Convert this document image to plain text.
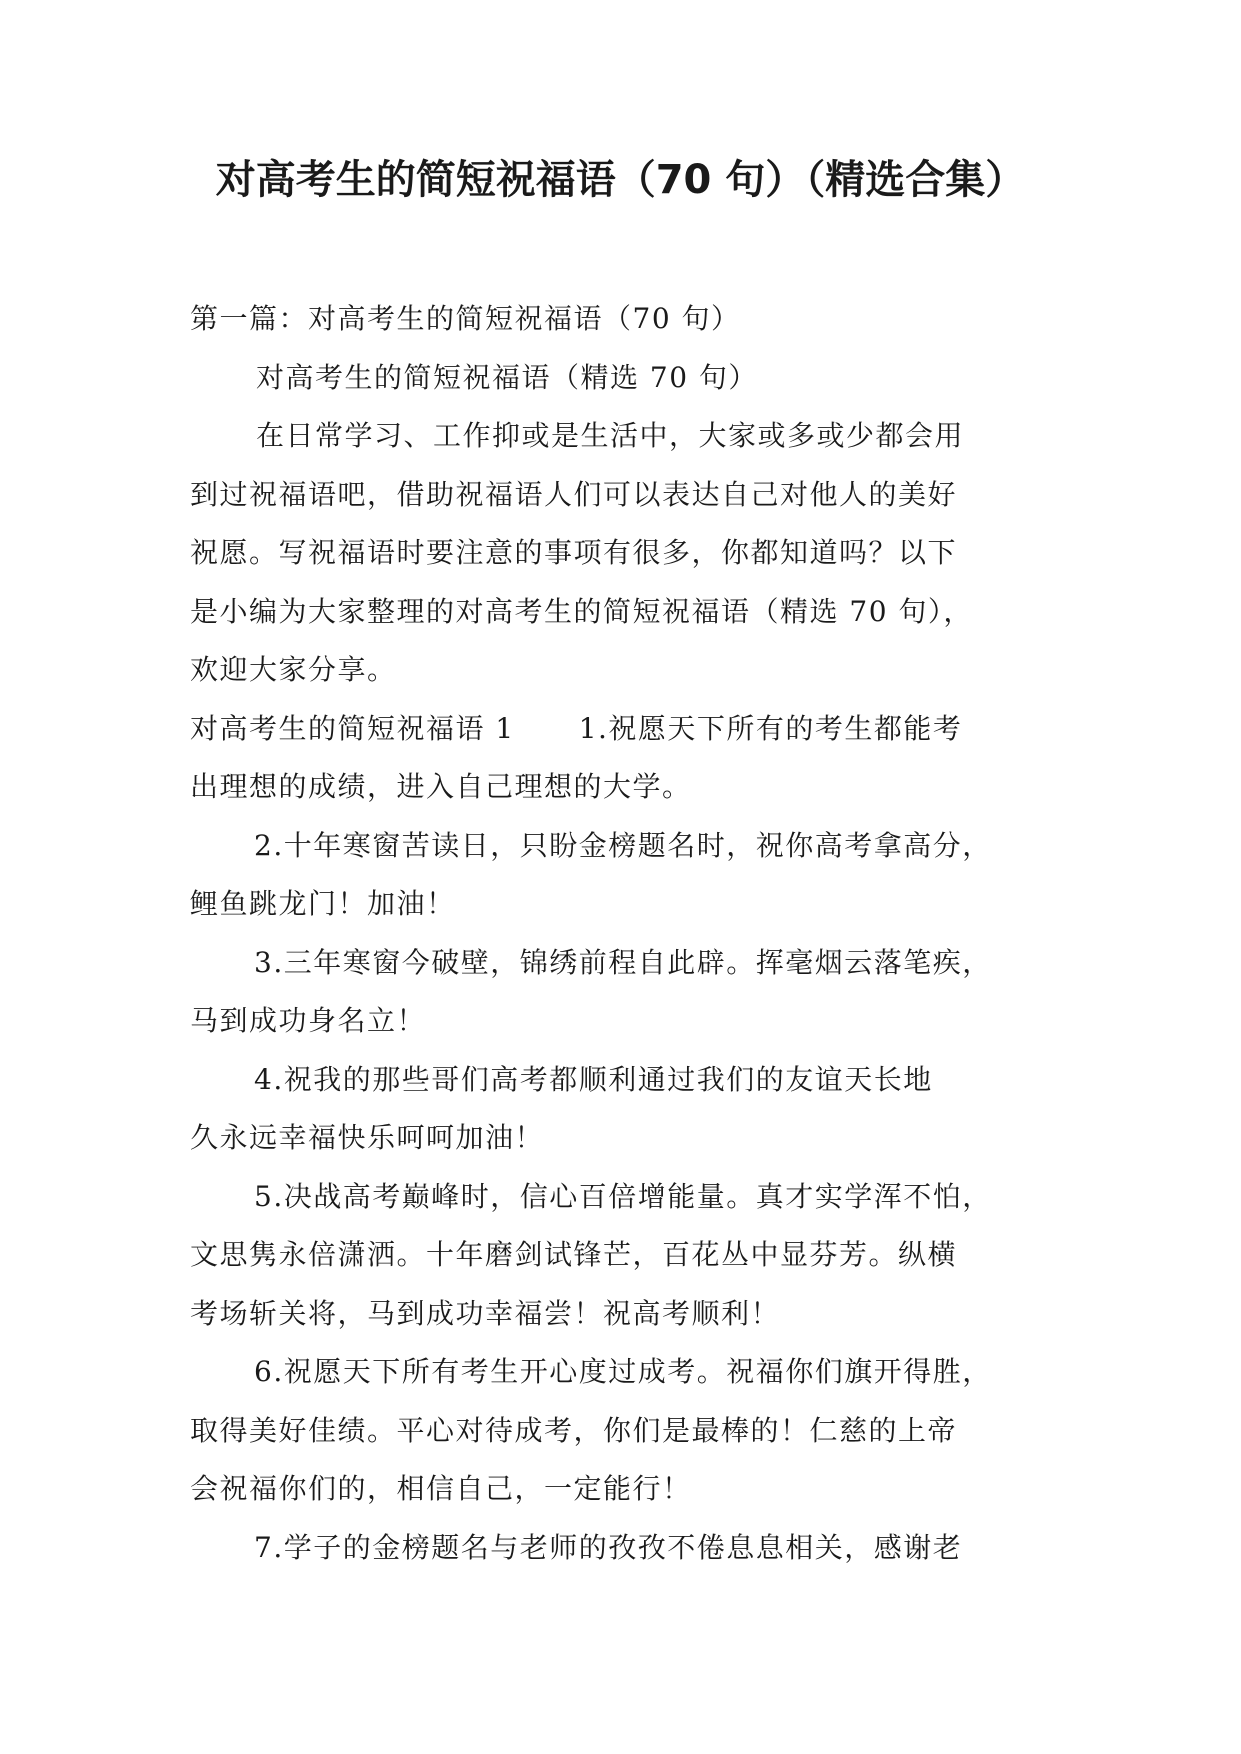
对高考生的简短祝福语（70 句）（精选合集）
第一篇：对高考生的简短祝福语（70 句）
对高考生的简短祝福语（精选 70 句）
在日常学习、工作抑或是生活中，大家或多或少都会用
到过祝福语吧，借助祝福语人们可以表达自己对他人的美好
祝愿。写祝福语时要注意的事项有很多，你都知道吗？以下
是小编为大家整理的对高考生的简短祝福语（精选 70 句），
欢迎大家分享。
对高考生的简短祝福语 1 1.祝愿天下所有的考生都能考
出理想的成绩，进入自己理想的大学。
2.十年寒窗苦读日，只盼金榜题名时，祝你高考拿高分，
鲤鱼跳龙门！加油！
3.三年寒窗今破壁，锦绣前程自此辟。挥毫烟云落笔疾，
马到成功身名立！
4.祝我的那些哥们高考都顺利通过我们的友谊天长地
久永远幸福快乐呵呵加油！
5.决战高考巅峰时，信心百倍增能量。真才实学浑不怕，
文思隽永倍潇洒。十年磨剑试锋芒，百花丛中显芬芳。纵横
考场斩关将，马到成功幸福尝！祝高考顺利！
6.祝愿天下所有考生开心度过成考。祝福你们旗开得胜，
取得美好佳绩。平心对待成考，你们是最棒的！仁慈的上帝
会祝福你们的，相信自己，一定能行！
7.学子的金榜题名与老师的孜孜不倦息息相关，感谢老
